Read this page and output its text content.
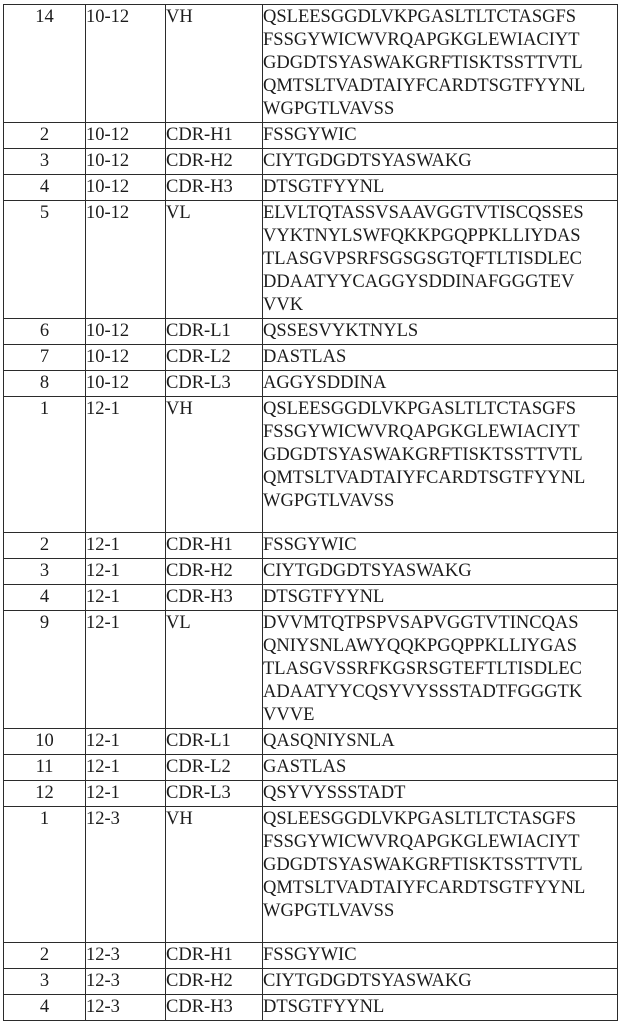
14	10-12	VH	QSLEESGGDLVKPGASLTLTCTASGFS
FSSGYWICWVRQAPGKGLEWIACIYT
GDGDTSYASWAKGRFTISKTSSTTVTL
QMTSLTVADTAIYFCARDTSGTFYYNL
WGPGTLVAVSS
2	10-12	CDR-H1	FSSGYWIC
3	10-12	CDR-H2	CIYTGDGDTSYASWAKG
4	10-12	CDR-H3	DTSGTFYYNL
5	10-12	VL	ELVLTQTASSVSAAVGGTVTISCQSSES
VYKTNYLSWFQKKPGQPPKLLIYDAS
TLASGVPSRFSGSGSGTQFTLTISDLEC
DDAATYYCAGGYSDDINAFGGGTEV
VVK
6	10-12	CDR-L1	QSSESVYKTNYLS
7	10-12	CDR-L2	DASTLAS
8	10-12	CDR-L3	AGGYSDDINA
1	12-1	VH	QSLEESGGDLVKPGASLTLTCTASGFS
FSSGYWICWVRQAPGKGLEWIACIYT
GDGDTSYASWAKGRFTISKTSSTTVTL
QMTSLTVADTAIYFCARDTSGTFYYNL
WGPGTLVAVSS
2	12-1	CDR-H1	FSSGYWIC
3	12-1	CDR-H2	CIYTGDGDTSYASWAKG
4	12-1	CDR-H3	DTSGTFYYNL
9	12-1	VL	DVVMTQTPSPVSAPVGGTVTINCQAS
QNIYSNLAWYQQKPGQPPKLLIYGAS
TLASGVSSRFKGSRSGTEFTLTISDLEC
ADAATYYCQSYVYSSSTADTFGGGTK
VVVE
10	12-1	CDR-L1	QASQNIYSNLA
11	12-1	CDR-L2	GASTLAS
12	12-1	CDR-L3	QSYVYSSSTADT
1	12-3	VH	QSLEESGGDLVKPGASLTLTCTASGFS
FSSGYWICWVRQAPGKGLEWIACIYT
GDGDTSYASWAKGRFTISKTSSTTVTL
QMTSLTVADTAIYFCARDTSGTFYYNL
WGPGTLVAVSS
2	12-3	CDR-H1	FSSGYWIC
3	12-3	CDR-H2	CIYTGDGDTSYASWAKG
4	12-3	CDR-H3	DTSGTFYYNL
